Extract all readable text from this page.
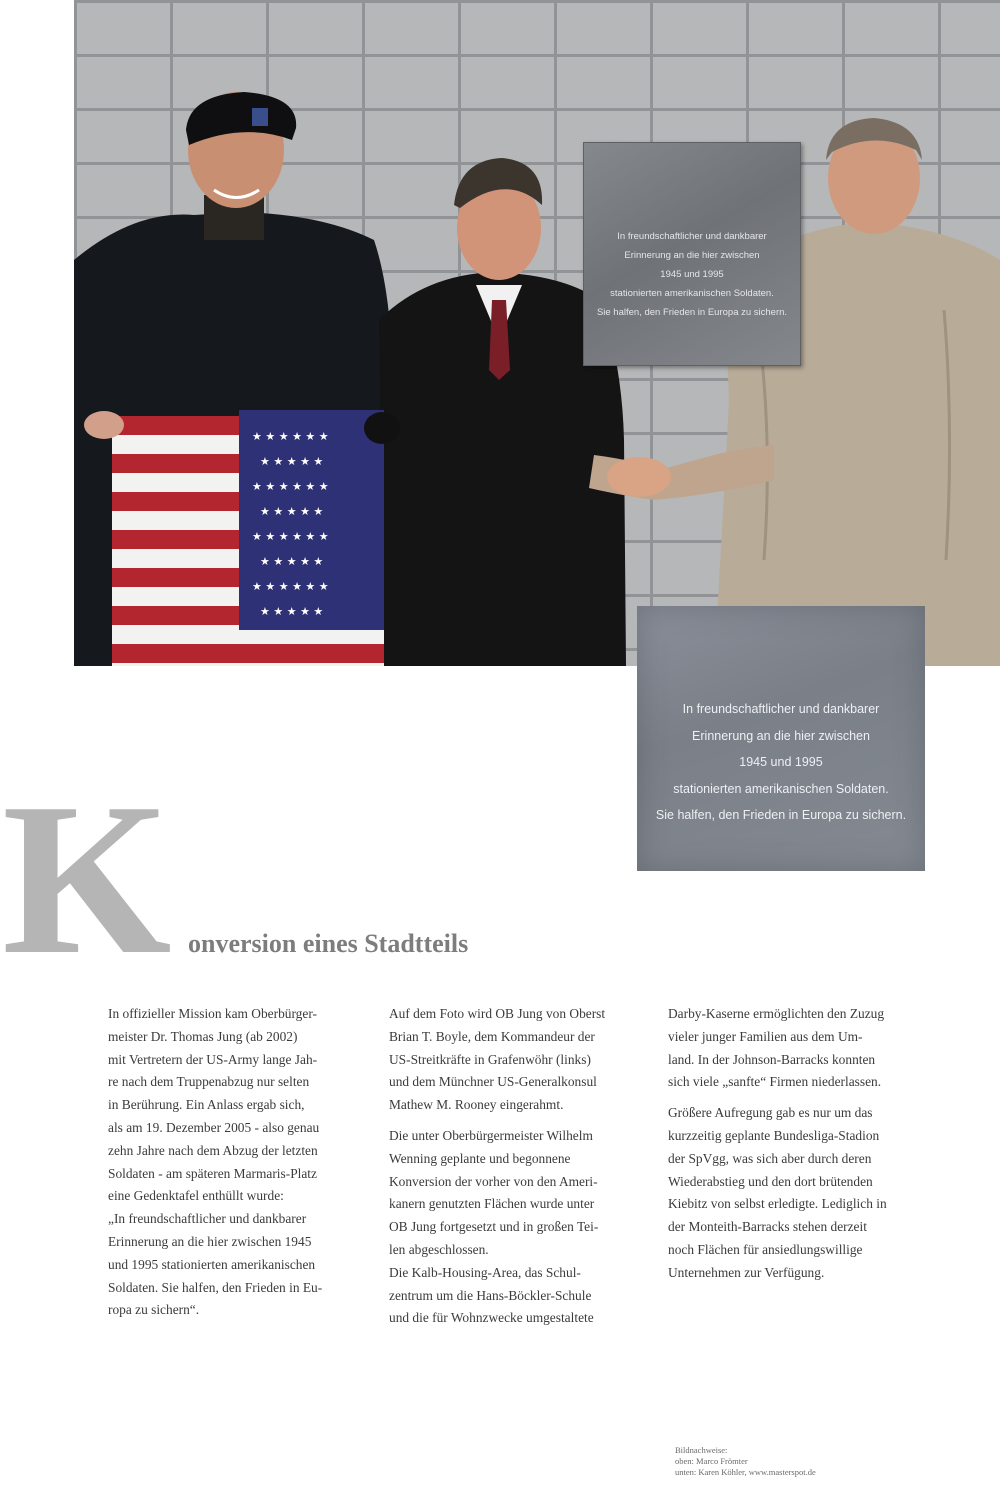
★ ★ ★ ★ ★ ★
★ ★ ★ ★ ★
★ ★ ★ ★ ★ ★
★ ★ ★ ★ ★
★ ★ ★ ★ ★ ★
★ ★ ★ ★ ★
★ ★ ★ ★ ★ ★
★ ★ ★ ★ ★
In freundschaftlicher und dankbarer
Erinnerung an die hier zwischen
1945 und 1995
stationierten amerikanischen Soldaten.
Sie halfen, den Frieden in Europa zu sichern.
In freundschaftlicher und dankbarer
Erinnerung an die hier zwischen
1945 und 1995
stationierten amerikanischen Soldaten.
Sie halfen, den Frieden in Europa zu sichern.
K onversion eines Stadtteils

In offizieller Mission kam Oberbürger-
meister Dr. Thomas Jung (ab 2002)
mit Vertretern der US-Army lange Jah-
re nach dem Truppenabzug nur selten
in Berührung. Ein Anlass ergab sich,
als am 19. Dezember 2005 - also genau
zehn Jahre nach dem Abzug der letzten
Soldaten - am späteren Marmaris-Platz
eine Gedenktafel enthüllt wurde:
„In freundschaftlicher und dankbarer
Erinnerung an die hier zwischen 1945
und 1995 stationierten amerikanischen
Soldaten. Sie halfen, den Frieden in Eu-
ropa zu sichern“.

Auf dem Foto wird OB Jung von Oberst
Brian T. Boyle, dem Kommandeur der
US-Streitkräfte in Grafenwöhr (links)
und dem Münchner US-Generalkonsul
Mathew M. Rooney eingerahmt.

Die unter Oberbürgermeister Wilhelm
Wenning geplante und begonnene
Konversion der vorher von den Ameri-
kanern genutzten Flächen wurde unter
OB Jung fortgesetzt und in großen Tei-
len abgeschlossen.
Die Kalb-Housing-Area, das Schul-
zentrum um die Hans-Böckler-Schule
und die für Wohnzwecke umgestaltete

Darby-Kaserne ermöglichten den Zuzug
vieler junger Familien aus dem Um-
land. In der Johnson-Barracks konnten
sich viele „sanfte“ Firmen niederlassen.

Größere Aufregung gab es nur um das
kurzzeitig geplante Bundesliga-Stadion
der SpVgg, was sich aber durch deren
Wiederabstieg und den dort brütenden
Kiebitz von selbst erledigte. Lediglich in
der Monteith-Barracks stehen derzeit
noch Flächen für ansiedlungswillige
Unternehmen zur Verfügung.

Bildnachweise:
oben: Marco Frömter
unten: Karen Köhler, www.masterspot.de
